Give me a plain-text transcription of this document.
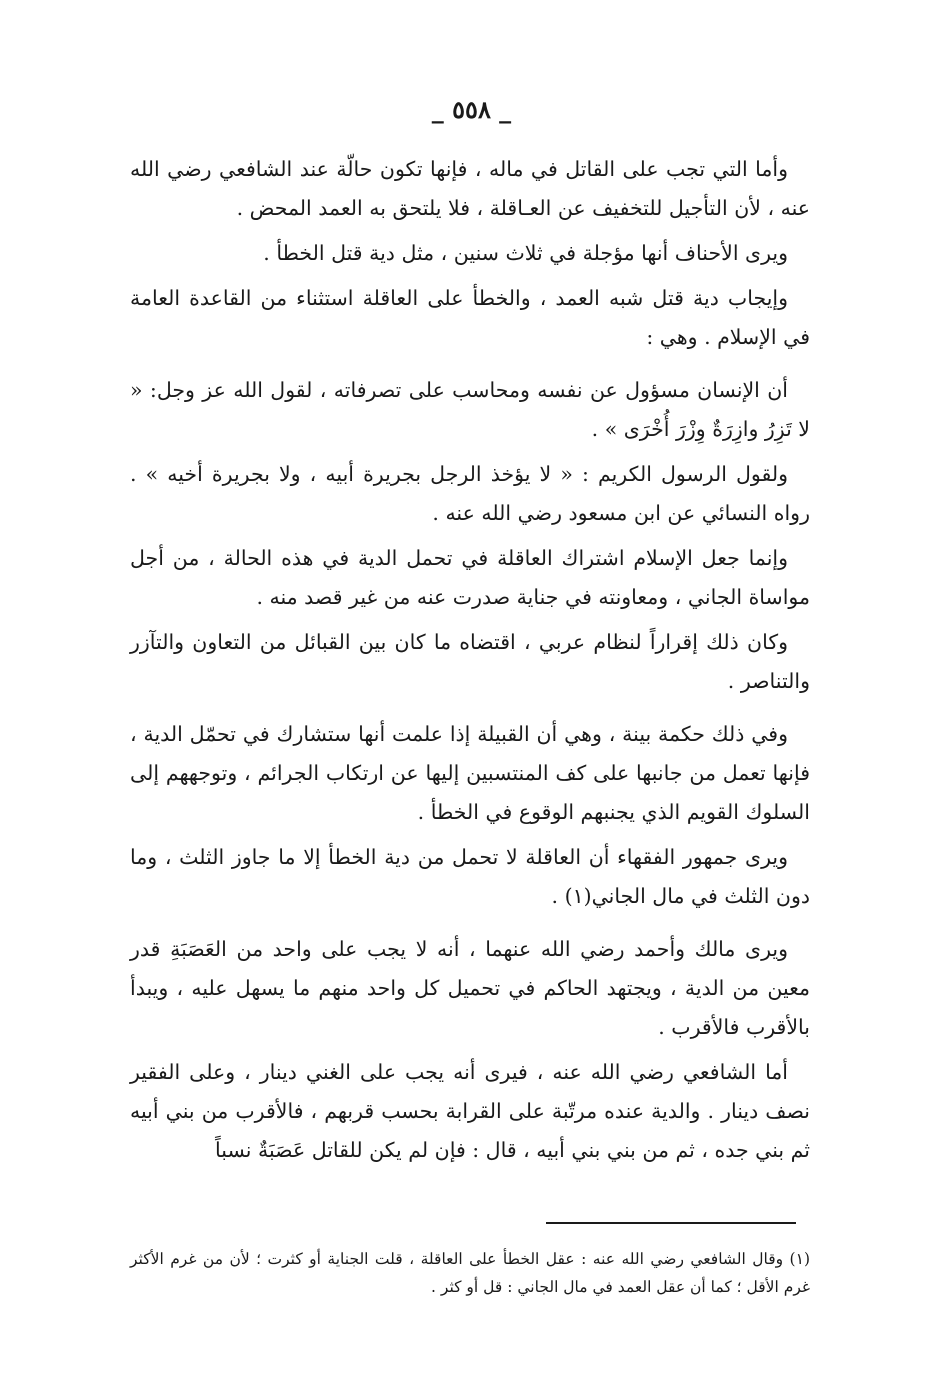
_ ٥٥٨ _

وأما التي تجب على القاتل في ماله ، فإنها تكون حالّة عند الشافعي رضي الله عنه ، لأن التأجيل للتخفيف عن العـاقلة ، فلا يلتحق به العمد المحض .

ويرى الأحناف أنها مؤجلة في ثلاث سنين ، مثل دية قتل الخطأ .

وإيجاب دية قتل شبه العمد ، والخطأ على العاقلة استثناء من القاعدة العامة في الإسلام . وهي :

أن الإنسان مسؤول عن نفسه ومحاسب على تصرفاته ، لقول الله عز وجل: « لا تَزِرُ وازِرَةٌ وِزْرَ أُخْرَى » .

ولقول الرسول الكريم : « لا يؤخذ الرجل بجريرة أبيه ، ولا بجريرة أخيه » . رواه النسائي عن ابن مسعود رضي الله عنه .

وإنما جعل الإسلام اشتراك العاقلة في تحمل الدية في هذه الحالة ، من أجل مواساة الجاني ، ومعاونته في جناية صدرت عنه من غير قصد منه .

وكان ذلك إقراراً لنظام عربي ، اقتضاه ما كان بين القبائل من التعاون والتآزر والتناصر .

وفي ذلك حكمة بينة ، وهي أن القبيلة إذا علمت أنها ستشارك في تحمّل الدية ، فإنها تعمل من جانبها على كف المنتسبين إليها عن ارتكاب الجرائم ، وتوجههم إلى السلوك القويم الذي يجنبهم الوقوع في الخطأ .

ويرى جمهور الفقهاء أن العاقلة لا تحمل من دية الخطأ إلا ما جاوز الثلث ، وما دون الثلث في مال الجاني(١) .

ويرى مالك وأحمد رضي الله عنهما ، أنه لا يجب على واحد من العَصَبَةِ قدر معين من الدية ، ويجتهد الحاكم في تحميل كل واحد منهم ما يسهل عليه ، ويبدأ بالأقرب فالأقرب .

أما الشافعي رضي الله عنه ، فيرى أنه يجب على الغني دينار ، وعلى الفقير نصف دينار . والدية عنده مرتّبة على القرابة بحسب قربهم ، فالأقرب من بني أبيه ثم بني جده ، ثم من بني بني أبيه ، قال : فإن لم يكن للقاتل عَصَبَةٌ نسباً

(١) وقال الشافعي رضي الله عنه : عقل الخطأ على العاقلة ، قلت الجناية أو كثرت ؛ لأن من غرم الأكثر غرم الأقل ؛ كما أن عقل العمد في مال الجاني : قل أو كثر .
